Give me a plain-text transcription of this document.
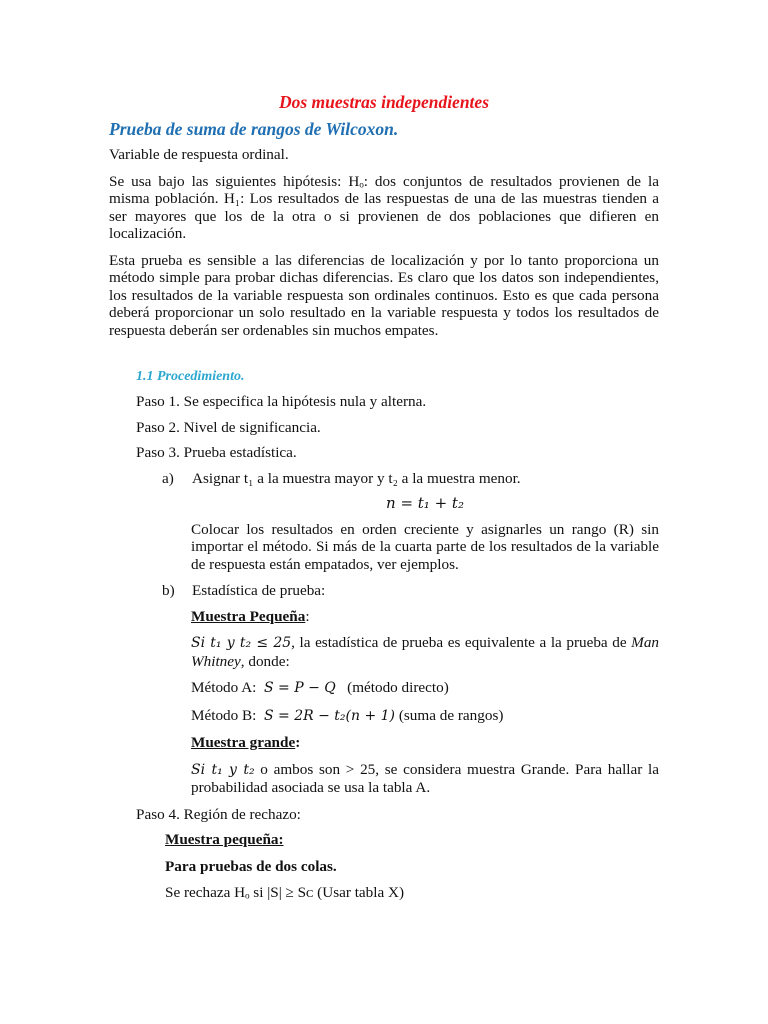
Dos muestras independientes
Prueba de suma de rangos de Wilcoxon.

Variable de respuesta ordinal.

Se usa bajo las siguientes hipótesis: Hₒ: dos conjuntos de resultados provienen de la misma población. H₁: Los resultados de las respuestas de una de las muestras tienden a ser mayores que los de la otra o si provienen de dos poblaciones que difieren en localización.

Esta prueba es sensible a las diferencias de localización y por lo tanto proporciona un método simple para probar dichas diferencias. Es claro que los datos son independientes, los resultados de la variable respuesta son ordinales continuos. Esto es que cada persona deberá proporcionar un solo resultado en la variable respuesta y todos los resultados de respuesta deberán ser ordenables sin muchos empates.

1.1 Procedimiento.

Paso 1. Se especifica la hipótesis nula y alterna.

Paso 2. Nivel de significancia.

Paso 3. Prueba estadística.

a)	Asignar t₁ a la muestra mayor y t₂ a la muestra menor.

n = t₁ + t₂

Colocar los resultados en orden creciente y asignarles un rango (R) sin importar el método. Si más de la cuarta parte de los resultados de la variable de respuesta están empatados, ver ejemplos.

b)	Estadística de prueba:

Muestra Pequeña:

Si t₁ y t₂ ≤ 25, la estadística de prueba es equivalente a la prueba de Man Whitney, donde:

Método A: S = P − Q (método directo)

Método B: S = 2R − t₂(n + 1) (suma de rangos)

Muestra grande:

Si t₁ y t₂ o ambos son > 25, se considera muestra Grande. Para hallar la probabilidad asociada se usa la tabla A.

Paso 4. Región de rechazo:

Muestra pequeña:

Para pruebas de dos colas.

Se rechaza Hₒ si |S| ≥ Sᴄ (Usar tabla X)
